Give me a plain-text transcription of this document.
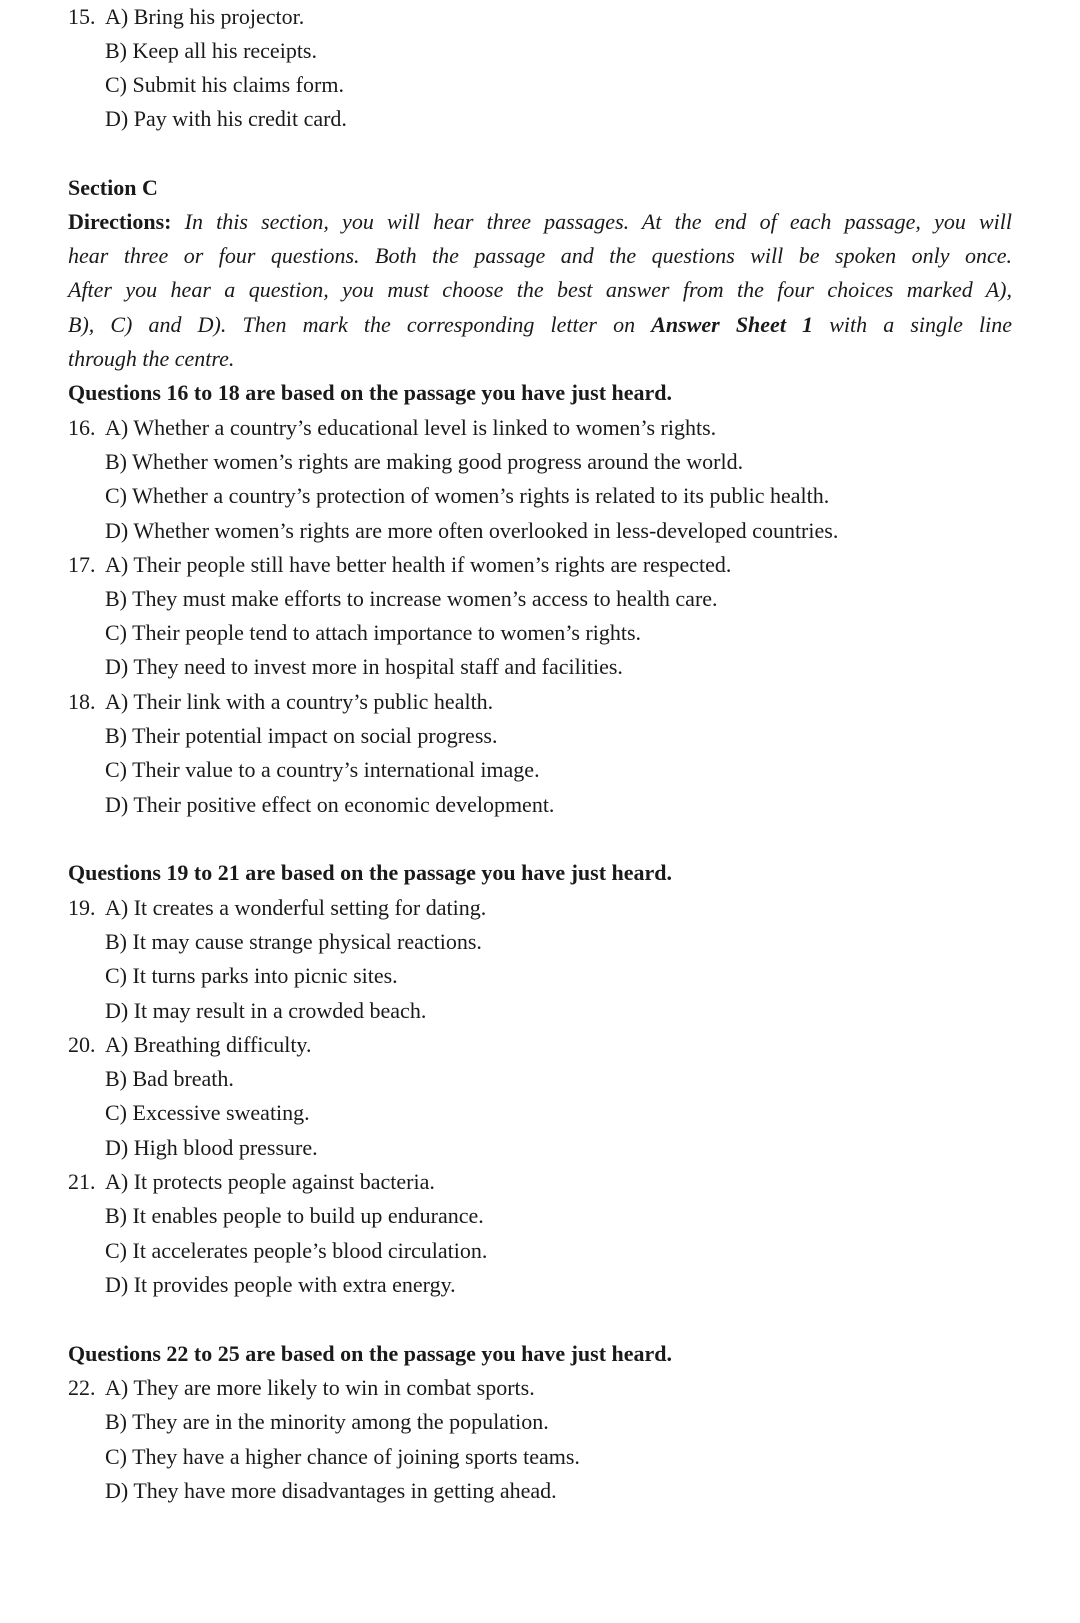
15. A) Bring his projector.
B) Keep all his receipts.
C) Submit his claims form.
D) Pay with his credit card.
Section C
Directions: In this section, you will hear three passages. At the end of each passage, you will
hear three or four questions. Both the passage and the questions will be spoken only once.
After you hear a question, you must choose the best answer from the four choices marked A),
B), C) and D). Then mark the corresponding letter on Answer Sheet 1 with a single line
through the centre.
Questions 16 to 18 are based on the passage you have just heard.
16. A) Whether a country’s educational level is linked to women’s rights.
B) Whether women’s rights are making good progress around the world.
C) Whether a country’s protection of women’s rights is related to its public health.
D) Whether women’s rights are more often overlooked in less-developed countries.
17. A) Their people still have better health if women’s rights are respected.
B) They must make efforts to increase women’s access to health care.
C) Their people tend to attach importance to women’s rights.
D) They need to invest more in hospital staff and facilities.
18. A) Their link with a country’s public health.
B) Their potential impact on social progress.
C) Their value to a country’s international image.
D) Their positive effect on economic development.
Questions 19 to 21 are based on the passage you have just heard.
19. A) It creates a wonderful setting for dating.
B) It may cause strange physical reactions.
C) It turns parks into picnic sites.
D) It may result in a crowded beach.
20. A) Breathing difficulty.
B) Bad breath.
C) Excessive sweating.
D) High blood pressure.
21. A) It protects people against bacteria.
B) It enables people to build up endurance.
C) It accelerates people’s blood circulation.
D) It provides people with extra energy.
Questions 22 to 25 are based on the passage you have just heard.
22. A) They are more likely to win in combat sports.
B) They are in the minority among the population.
C) They have a higher chance of joining sports teams.
D) They have more disadvantages in getting ahead.
